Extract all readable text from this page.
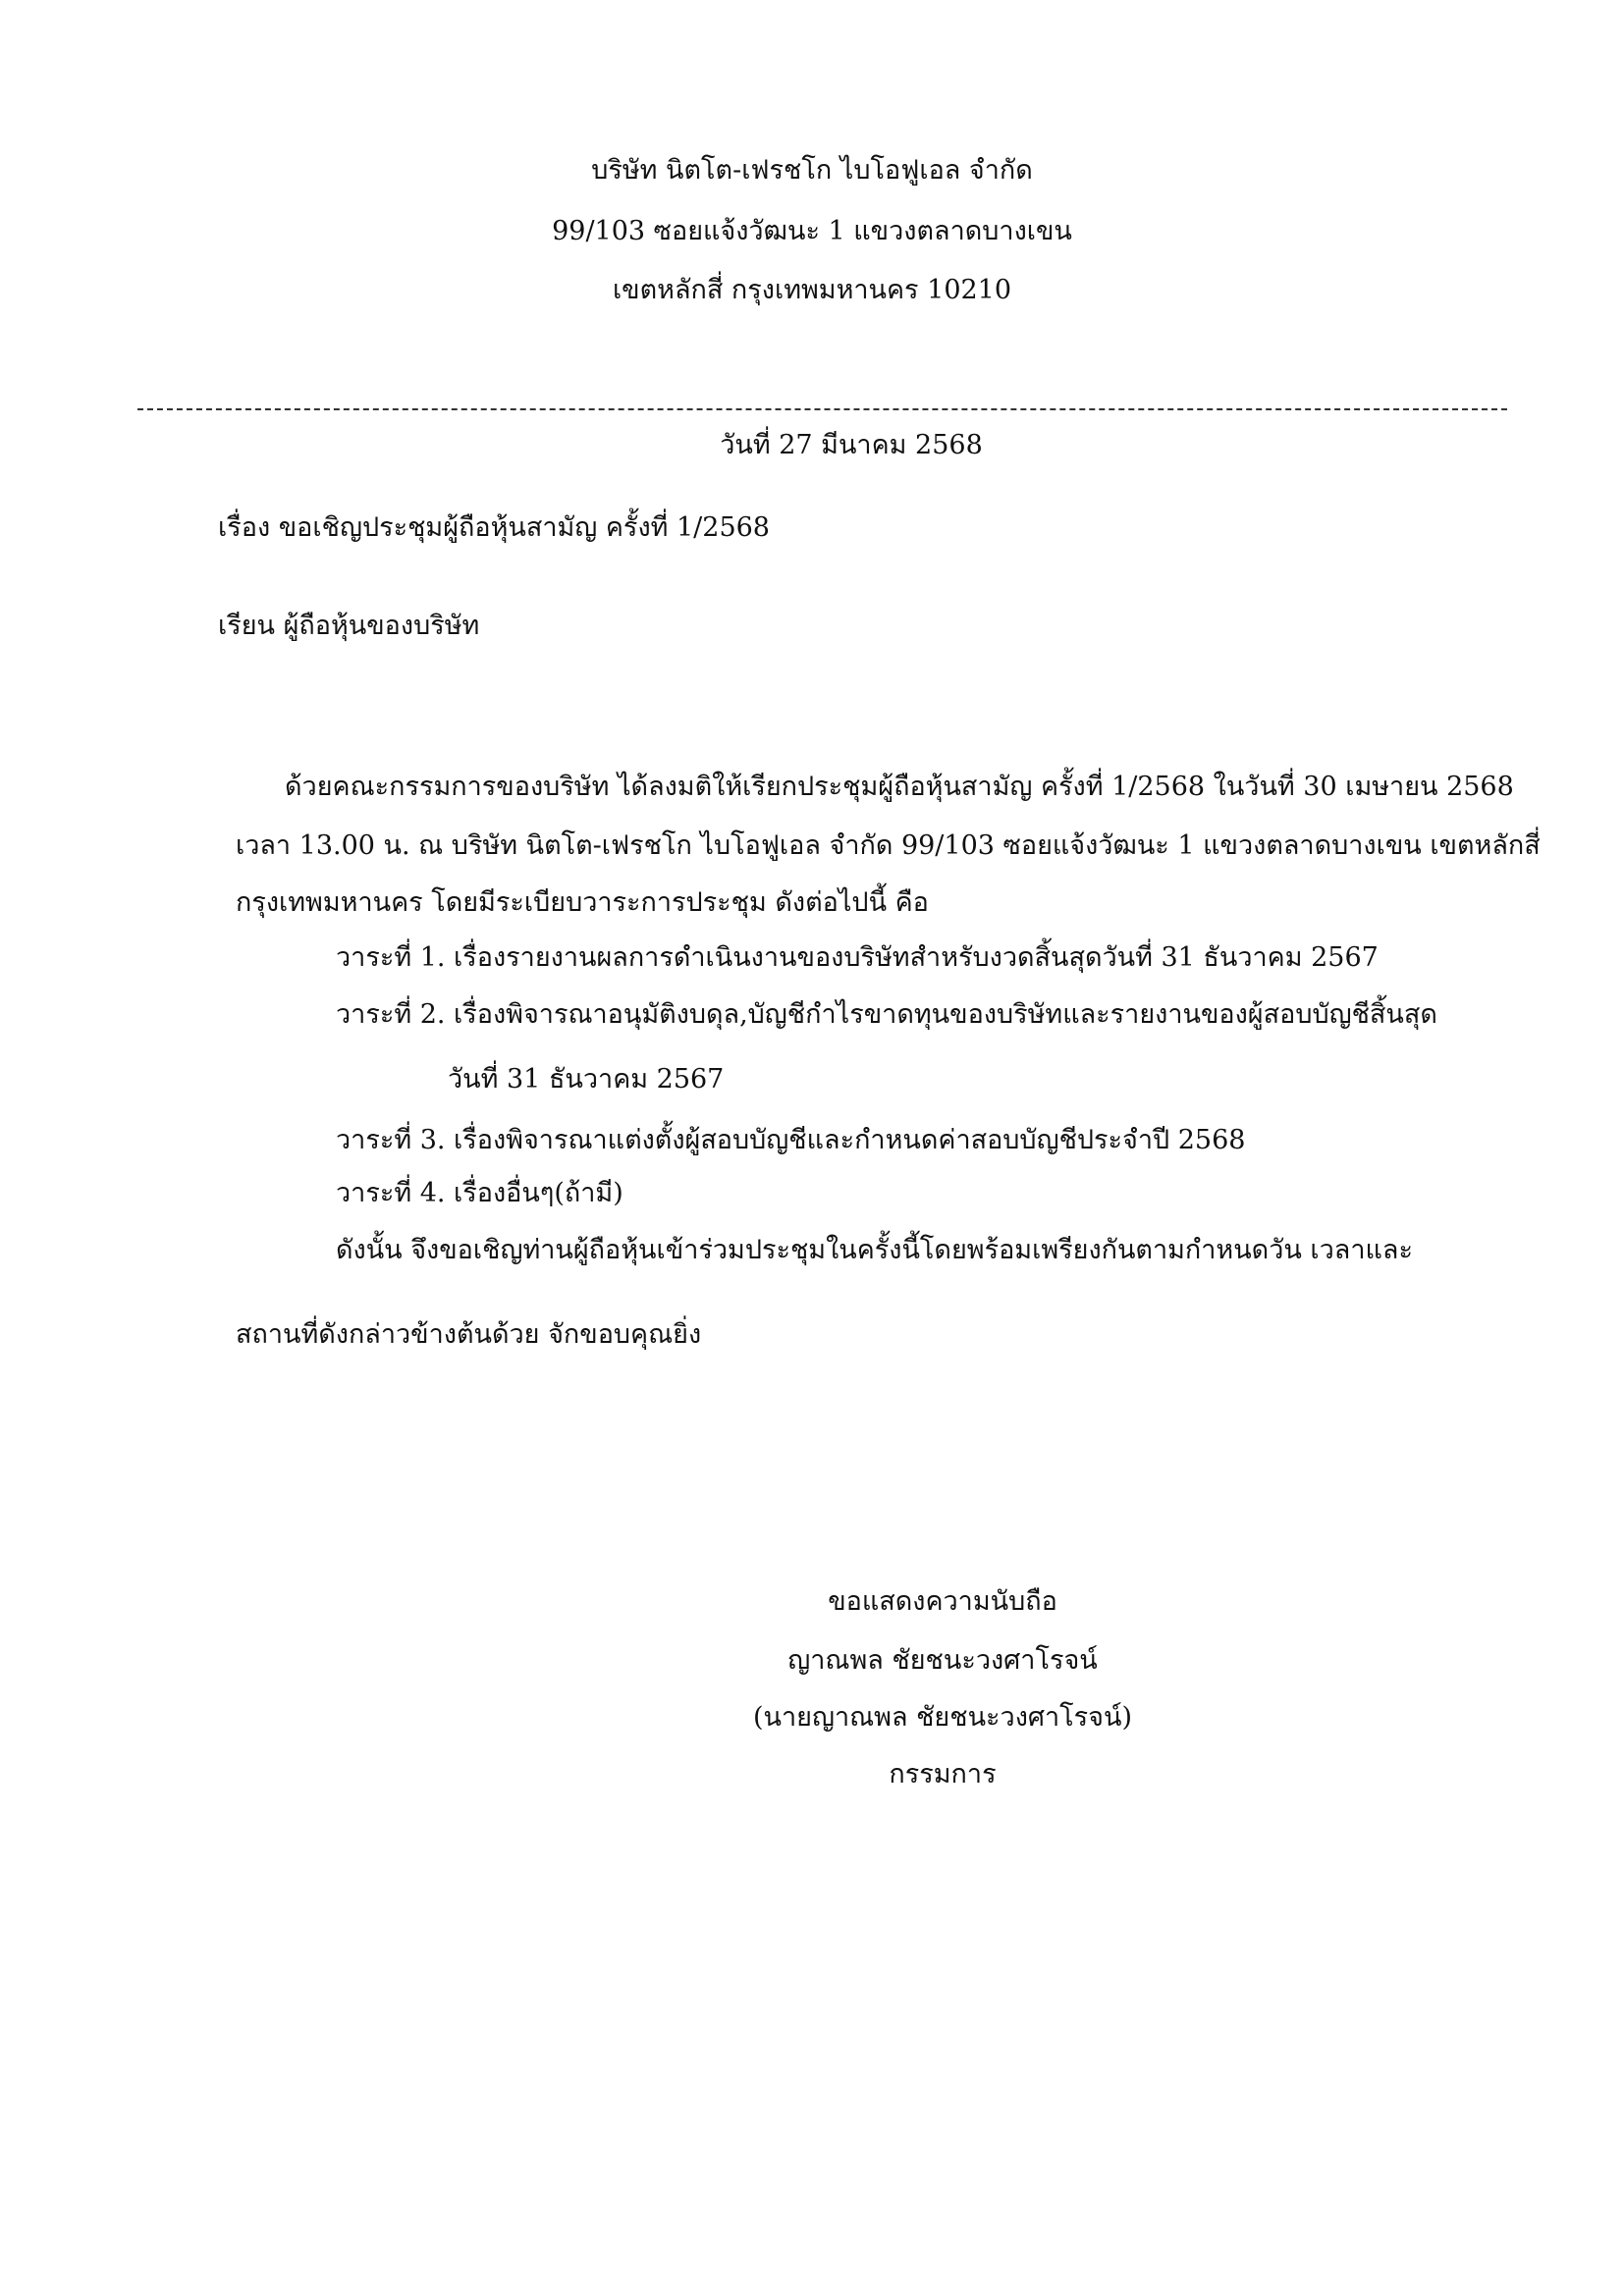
บริษัท นิตโต-เฟรชโก ไบโอฟูเอล จำกัด
99/103 ซอยแจ้งวัฒนะ 1 แขวงตลาดบางเขน
เขตหลักสี่ กรุงเทพมหานคร 10210
วันที่ 27 มีนาคม 2568
เรื่อง ขอเชิญประชุมผู้ถือหุ้นสามัญ ครั้งที่ 1/2568
เรียน ผู้ถือหุ้นของบริษัท
ด้วยคณะกรรมการของบริษัท ได้ลงมติให้เรียกประชุมผู้ถือหุ้นสามัญ ครั้งที่ 1/2568 ในวันที่ 30 เมษายน 2568
เวลา 13.00 น. ณ บริษัท นิตโต-เฟรชโก ไบโอฟูเอล จำกัด 99/103 ซอยแจ้งวัฒนะ 1 แขวงตลาดบางเขน เขตหลักสี่
กรุงเทพมหานคร โดยมีระเบียบวาระการประชุม ดังต่อไปนี้ คือ
วาระที่ 1. เรื่องรายงานผลการดำเนินงานของบริษัทสำหรับงวดสิ้นสุดวันที่ 31 ธันวาคม 2567
วาระที่ 2. เรื่องพิจารณาอนุมัติงบดุล,บัญชีกำไรขาดทุนของบริษัทและรายงานของผู้สอบบัญชีสิ้นสุด
วันที่ 31 ธันวาคม 2567
วาระที่ 3. เรื่องพิจารณาแต่งตั้งผู้สอบบัญชีและกำหนดค่าสอบบัญชีประจำปี 2568
วาระที่ 4. เรื่องอื่นๆ(ถ้ามี)
ดังนั้น จึงขอเชิญท่านผู้ถือหุ้นเข้าร่วมประชุมในครั้งนี้โดยพร้อมเพรียงกันตามกำหนดวัน เวลาและ
สถานที่ดังกล่าวข้างต้นด้วย จักขอบคุณยิ่ง
ขอแสดงความนับถือ
ญาณพล ชัยชนะวงศาโรจน์
(นายญาณพล ชัยชนะวงศาโรจน์)
กรรมการ
